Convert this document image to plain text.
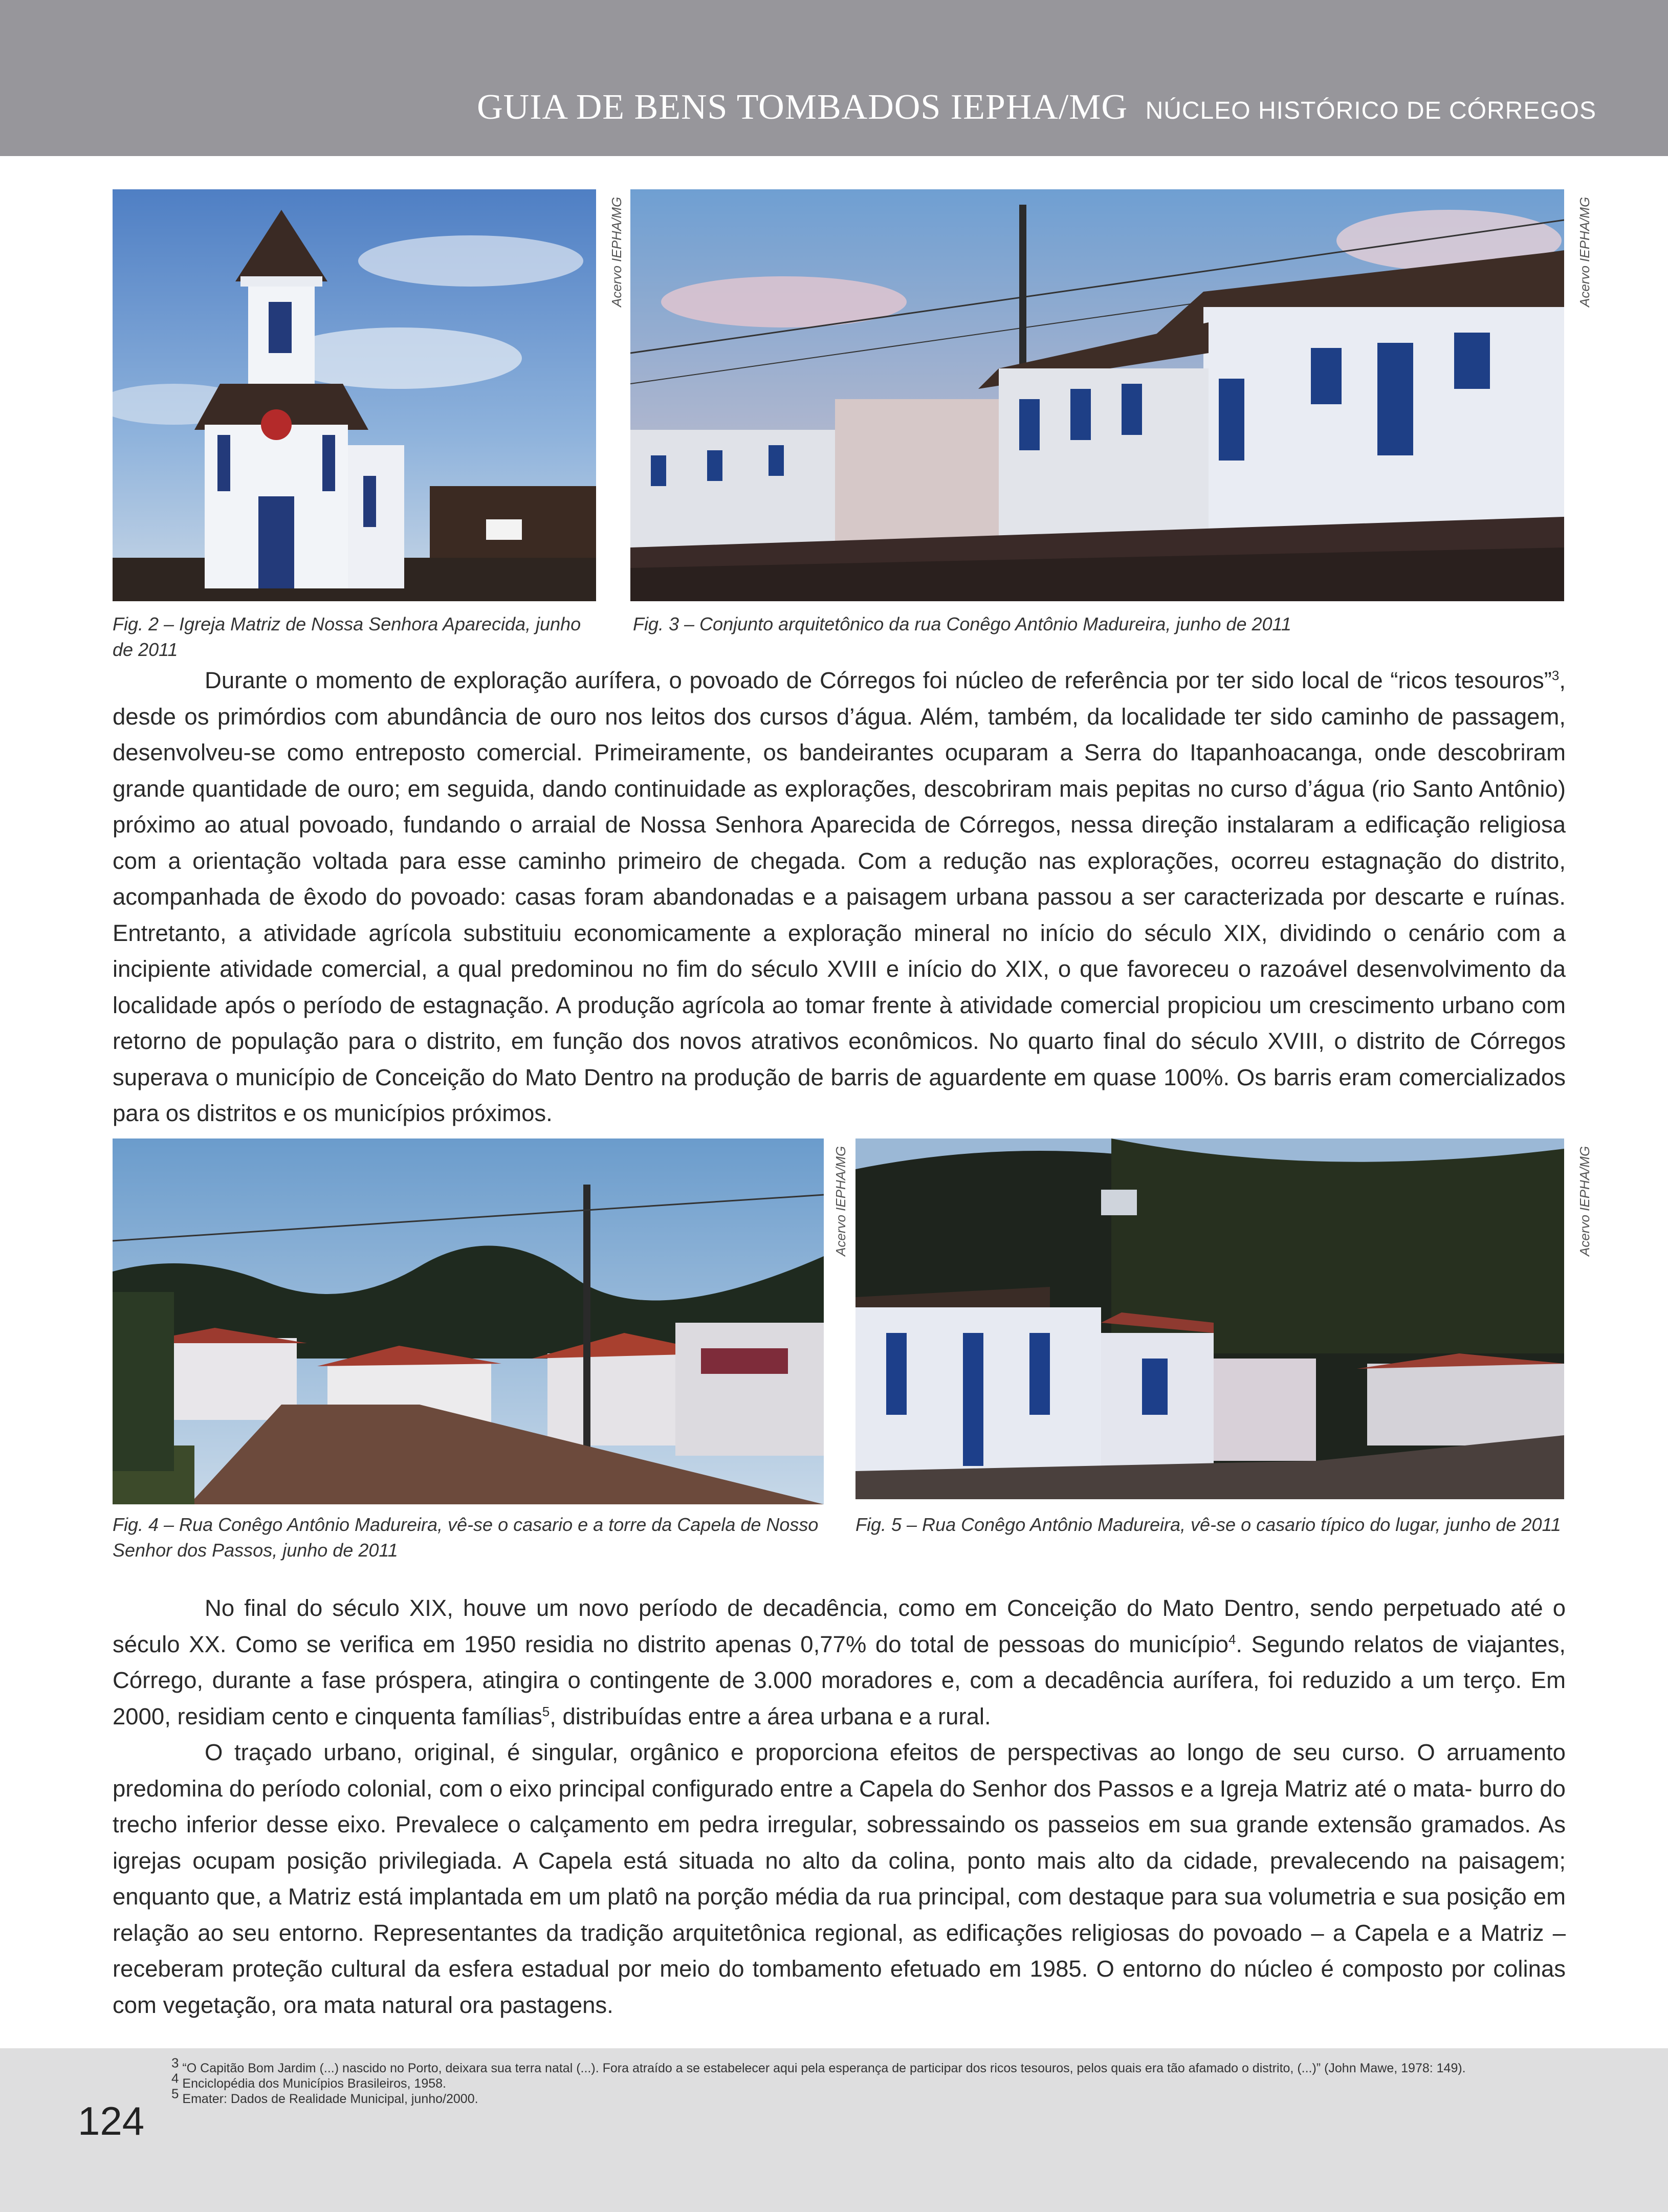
GUIA DE BENS TOMBADOS IEPHA/MG NÚCLEO HISTÓRICO DE CÓRREGOS
Acervo IEPHA/MG	Acervo IEPHA/MG
Fig. 2 – Igreja Matriz de Nossa Senhora Aparecida, junho de 2011
Fig. 3 – Conjunto arquitetônico da rua Conêgo Antônio Madureira, junho de 2011

Durante o momento de exploração aurífera, o povoado de Córregos foi núcleo de referência por ter sido local de “ricos tesouros”$^3$, desde os primórdios com abundância de ouro nos leitos dos cursos d’água. Além, também, da localidade ter sido caminho de passagem, desenvolveu-se como entreposto comercial. Primeiramente, os bandeirantes ocuparam a Serra do Itapanhoacanga, onde descobriram grande quantidade de ouro; em seguida, dando continuidade as explorações, descobriram mais pepitas no curso d’água (rio Santo Antônio) próximo ao atual povoado, fundando o arraial de Nossa Senhora Aparecida de Córregos, nessa direção instalaram a edificação religiosa com a orientação voltada para esse caminho primeiro de chegada. Com a redução nas explorações, ocorreu estagnação do distrito, acompanhada de êxodo do povoado: casas foram abandonadas e a paisagem urbana passou a ser caracterizada por descarte e ruínas. Entretanto, a atividade agrícola substituiu economicamente a exploração mineral no início do século XIX, dividindo o cenário com a incipiente atividade comercial, a qual predominou no fim do século XVIII e início do XIX, o que favoreceu o razoável desenvolvimento da localidade após o período de estagnação. A produção agrícola ao tomar frente à atividade comercial propiciou um crescimento urbano com retorno de população para o distrito, em função dos novos atrativos econômicos. No quarto final do século XVIII, o distrito de Córregos superava o município de Conceição do Mato Dentro na produção de barris de aguardente em quase 100%. Os barris eram comercializados para os distritos e os municípios próximos.

Acervo IEPHA/MG	Acervo IEPHA/MG
Fig. 4 – Rua Conêgo Antônio Madureira, vê-se o casario e a torre da Capela de Nosso Senhor dos Passos, junho de 2011
Fig. 5 – Rua Conêgo Antônio Madureira, vê-se o casario típico do lugar, junho de 2011

No final do século XIX, houve um novo período de decadência, como em Conceição do Mato Dentro, sendo perpetuado até o século XX. Como se verifica em 1950 residia no distrito apenas 0,77% do total de pessoas do município$^4$. Segundo relatos de viajantes, Córrego, durante a fase próspera, atingira o contingente de 3.000 moradores e, com a decadência aurífera, foi reduzido a um terço. Em 2000, residiam cento e cinquenta famílias$^5$, distribuídas entre a área urbana e a rural.

O traçado urbano, original, é singular, orgânico e proporciona efeitos de perspectivas ao longo de seu curso. O arruamento predomina do período colonial, com o eixo principal configurado entre a Capela do Senhor dos Passos e a Igreja Matriz até o mata- burro do trecho inferior desse eixo. Prevalece o calçamento em pedra irregular, sobressaindo os passeios em sua grande extensão gramados. As igrejas ocupam posição privilegiada. A Capela está situada no alto da colina, ponto mais alto da cidade, prevalecendo na paisagem; enquanto que, a Matriz está implantada em um platô na porção média da rua principal, com destaque para sua volumetria e sua posição em relação ao seu entorno. Representantes da tradição arquitetônica regional, as edificações religiosas do povoado – a Capela e a Matriz – receberam proteção cultural da esfera estadual por meio do tombamento efetuado em 1985. O entorno do núcleo é composto por colinas com vegetação, ora mata natural ora pastagens.

$^3$ “O Capitão Bom Jardim (...) nascido no Porto, deixara sua terra natal (...). Fora atraído a se estabelecer aqui pela esperança de participar dos ricos tesouros, pelos quais era tão afamado o distrito, (...)” (John Mawe, 1978: 149).
$^4$ Enciclopédia dos Municípios Brasileiros, 1958.
$^5$ Emater: Dados de Realidade Municipal, junho/2000.
124
